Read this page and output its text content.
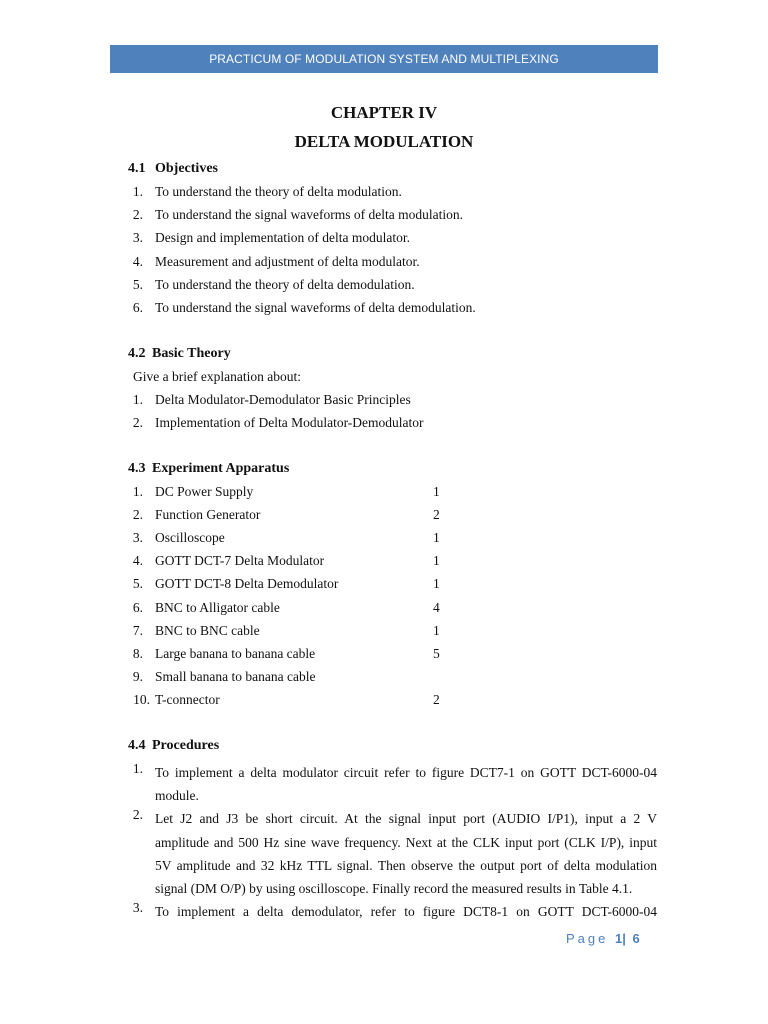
PRACTICUM OF MODULATION SYSTEM AND MULTIPLEXING
CHAPTER IV
DELTA MODULATION
4.1 Objectives
1. To understand the theory of delta modulation.
2. To understand the signal waveforms of delta modulation.
3. Design and implementation of delta modulator.
4. Measurement and adjustment of delta modulator.
5. To understand the theory of delta demodulation.
6. To understand the signal waveforms of delta demodulation.
4.2 Basic Theory
Give a brief explanation about:
1. Delta Modulator-Demodulator Basic Principles
2. Implementation of Delta Modulator-Demodulator
4.3 Experiment Apparatus
1. DC Power Supply	1
2. Function Generator	2
3. Oscilloscope	1
4. GOTT DCT-7 Delta Modulator	1
5. GOTT DCT-8 Delta Demodulator	1
6. BNC to Alligator cable	4
7. BNC to BNC cable	1
8. Large banana to banana cable	5
9. Small banana to banana cable
10. T-connector	2
4.4 Procedures
1. To implement a delta modulator circuit refer to figure DCT7-1 on GOTT DCT-6000-04
module.
2. Let J2 and J3 be short circuit. At the signal input port (AUDIO I/P1), input a 2 V
amplitude and 500 Hz sine wave frequency. Next at the CLK input port (CLK I/P), input
5V amplitude and 32 kHz TTL signal. Then observe the output port of delta modulation
signal (DM O/P) by using oscilloscope. Finally record the measured results in Table 4.1.
3. To implement a delta demodulator, refer to figure DCT8-1 on GOTT DCT-6000-04
Page 1| 6
